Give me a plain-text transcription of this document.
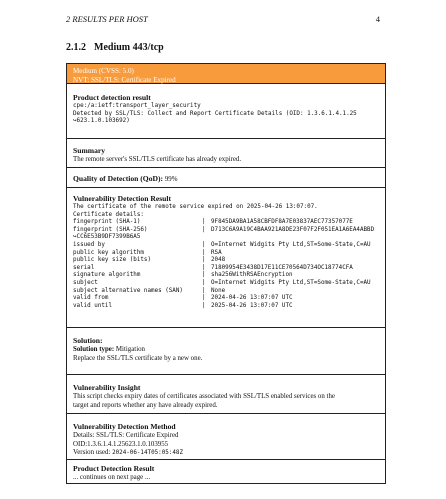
2 RESULTS PER HOST	4
2.1.2 Medium 443/tcp
Medium (CVSS: 5.0)
NVT: SSL/TLS: Certificate Expired
Product detection result
cpe:/a:ietf:transport_layer_security
Detected by SSL/TLS: Collect and Report Certificate Details (OID: 1.3.6.1.4.1.25
↪623.1.0.103692)
Summary
The remote server's SSL/TLS certificate has already expired.
Quality of Detection (QoD): 99%
Vulnerability Detection Result
The certificate of the remote service expired on 2025-04-26 13:07:07.
Certificate details:
fingerprint (SHA-1)	| 9F845DA9BA1A58CBFDF8A7E03837AEC77357077E
fingerprint (SHA-256)	| D713C6A9A19C4BAA921A8DE23F07F2F051EA1A6EA4ABBD
↪CC6E53B9DF7399B6A5
issued by	| O=Internet Widgits Pty Ltd,ST=Some-State,C=AU
public key algorithm	| RSA
public key size (bits)	| 2048
serial	| 71809954E3438D17E11CE70564D734OC18774CFA
signature algorithm	| sha256WithRSAEncryption
subject	| O=Internet Widgits Pty Ltd,ST=Some-State,C=AU
subject alternative names (SAN)	| None
valid from	| 2024-04-26 13:07:07 UTC
valid until	| 2025-04-26 13:07:07 UTC
Solution:
Solution type: Mitigation
Replace the SSL/TLS certificate by a new one.
Vulnerability Insight
This script checks expiry dates of certificates associated with SSL/TLS enabled services on the
target and reports whether any have already expired.
Vulnerability Detection Method
Details: SSL/TLS: Certificate Expired
OID:1.3.6.1.4.1.25623.1.0.103955
Version used: 2024-06-14T05:05:48Z
Product Detection Result
... continues on next page ...
